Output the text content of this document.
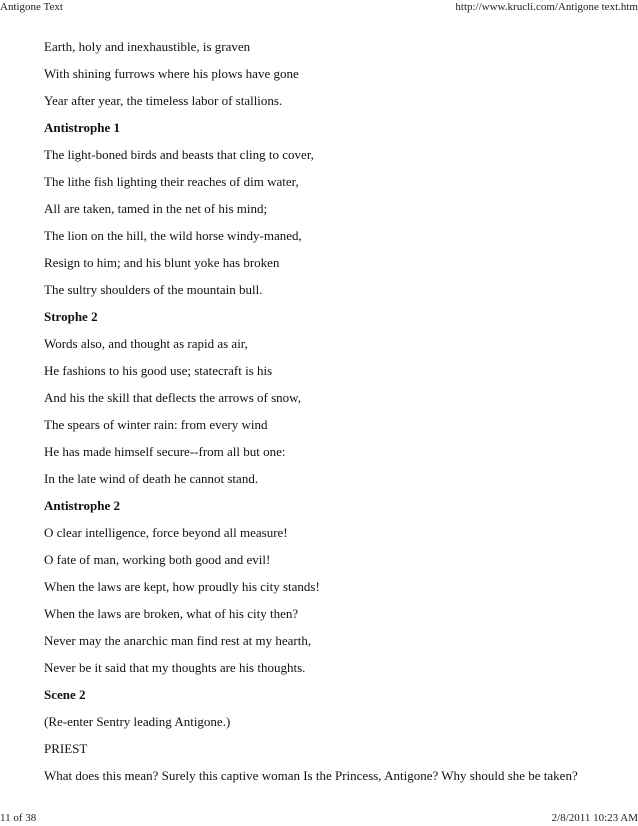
Antigone Text	http://www.krucli.com/Antigone text.htm
Earth, holy and inexhaustible, is graven
With shining furrows where his plows have gone
Year after year, the timeless labor of stallions.
Antistrophe 1
The light-boned birds and beasts that cling to cover,
The lithe fish lighting their reaches of dim water,
All are taken, tamed in the net of his mind;
The lion on the hill, the wild horse windy-maned,
Resign to him; and his blunt yoke has broken
The sultry shoulders of the mountain bull.
Strophe 2
Words also, and thought as rapid as air,
He fashions to his good use; statecraft is his
And his the skill that deflects the arrows of snow,
The spears of winter rain: from every wind
He has made himself secure--from all but one:
In the late wind of death he cannot stand.
Antistrophe 2
O clear intelligence, force beyond all measure!
O fate of man, working both good and evil!
When the laws are kept, how proudly his city stands!
When the laws are broken, what of his city then?
Never may the anarchic man find rest at my hearth,
Never be it said that my thoughts are his thoughts.
Scene 2
(Re-enter Sentry leading Antigone.)
PRIEST
What does this mean? Surely this captive woman Is the Princess, Antigone? Why should she be taken?
11 of 38	2/8/2011 10:23 AM
